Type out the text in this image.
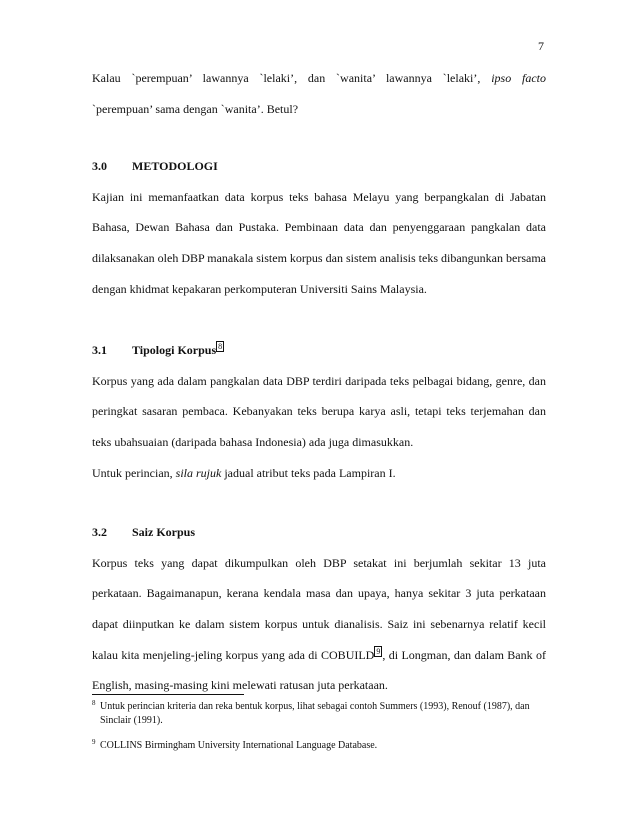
7

Kalau `perempuan’ lawannya `lelaki’, dan `wanita’ lawannya `lelaki’, ipso facto

`perempuan’ sama dengan `wanita’. Betul?

3.0 METODOLOGI

Kajian ini memanfaatkan data korpus teks bahasa Melayu yang berpangkalan di Jabatan Bahasa, Dewan Bahasa dan Pustaka. Pembinaan data dan penyenggaraan pangkalan data dilaksanakan oleh DBP manakala sistem korpus dan sistem analisis teks dibangunkan bersama dengan khidmat kepakaran perkomputeran Universiti Sains Malaysia.

3.1 Tipologi Korpus $^8$

Korpus yang ada dalam pangkalan data DBP terdiri daripada teks pelbagai bidang, genre, dan peringkat sasaran pembaca. Kebanyakan teks berupa karya asli, tetapi teks terjemahan dan teks ubahsuaian (daripada bahasa Indonesia) ada juga dimasukkan.

Untuk perincian, sila rujuk jadual atribut teks pada Lampiran I.

3.2 Saiz Korpus

Korpus teks yang dapat dikumpulkan oleh DBP setakat ini berjumlah sekitar 13 juta perkataan. Bagaimanapun, kerana kendala masa dan upaya, hanya sekitar 3 juta perkataan dapat diinputkan ke dalam sistem korpus untuk dianalisis. Saiz ini sebenarnya relatif kecil kalau kita menjeling-jeling korpus yang ada di COBUILD $^9$ , di Longman, dan dalam Bank of English, masing-masing kini melewati ratusan juta perkataan.

8 Untuk perincian kriteria dan reka bentuk korpus, lihat sebagai contoh Summers (1993), Renouf (1987), dan Sinclair (1991).

9 COLLINS Birmingham University International Language Database.
